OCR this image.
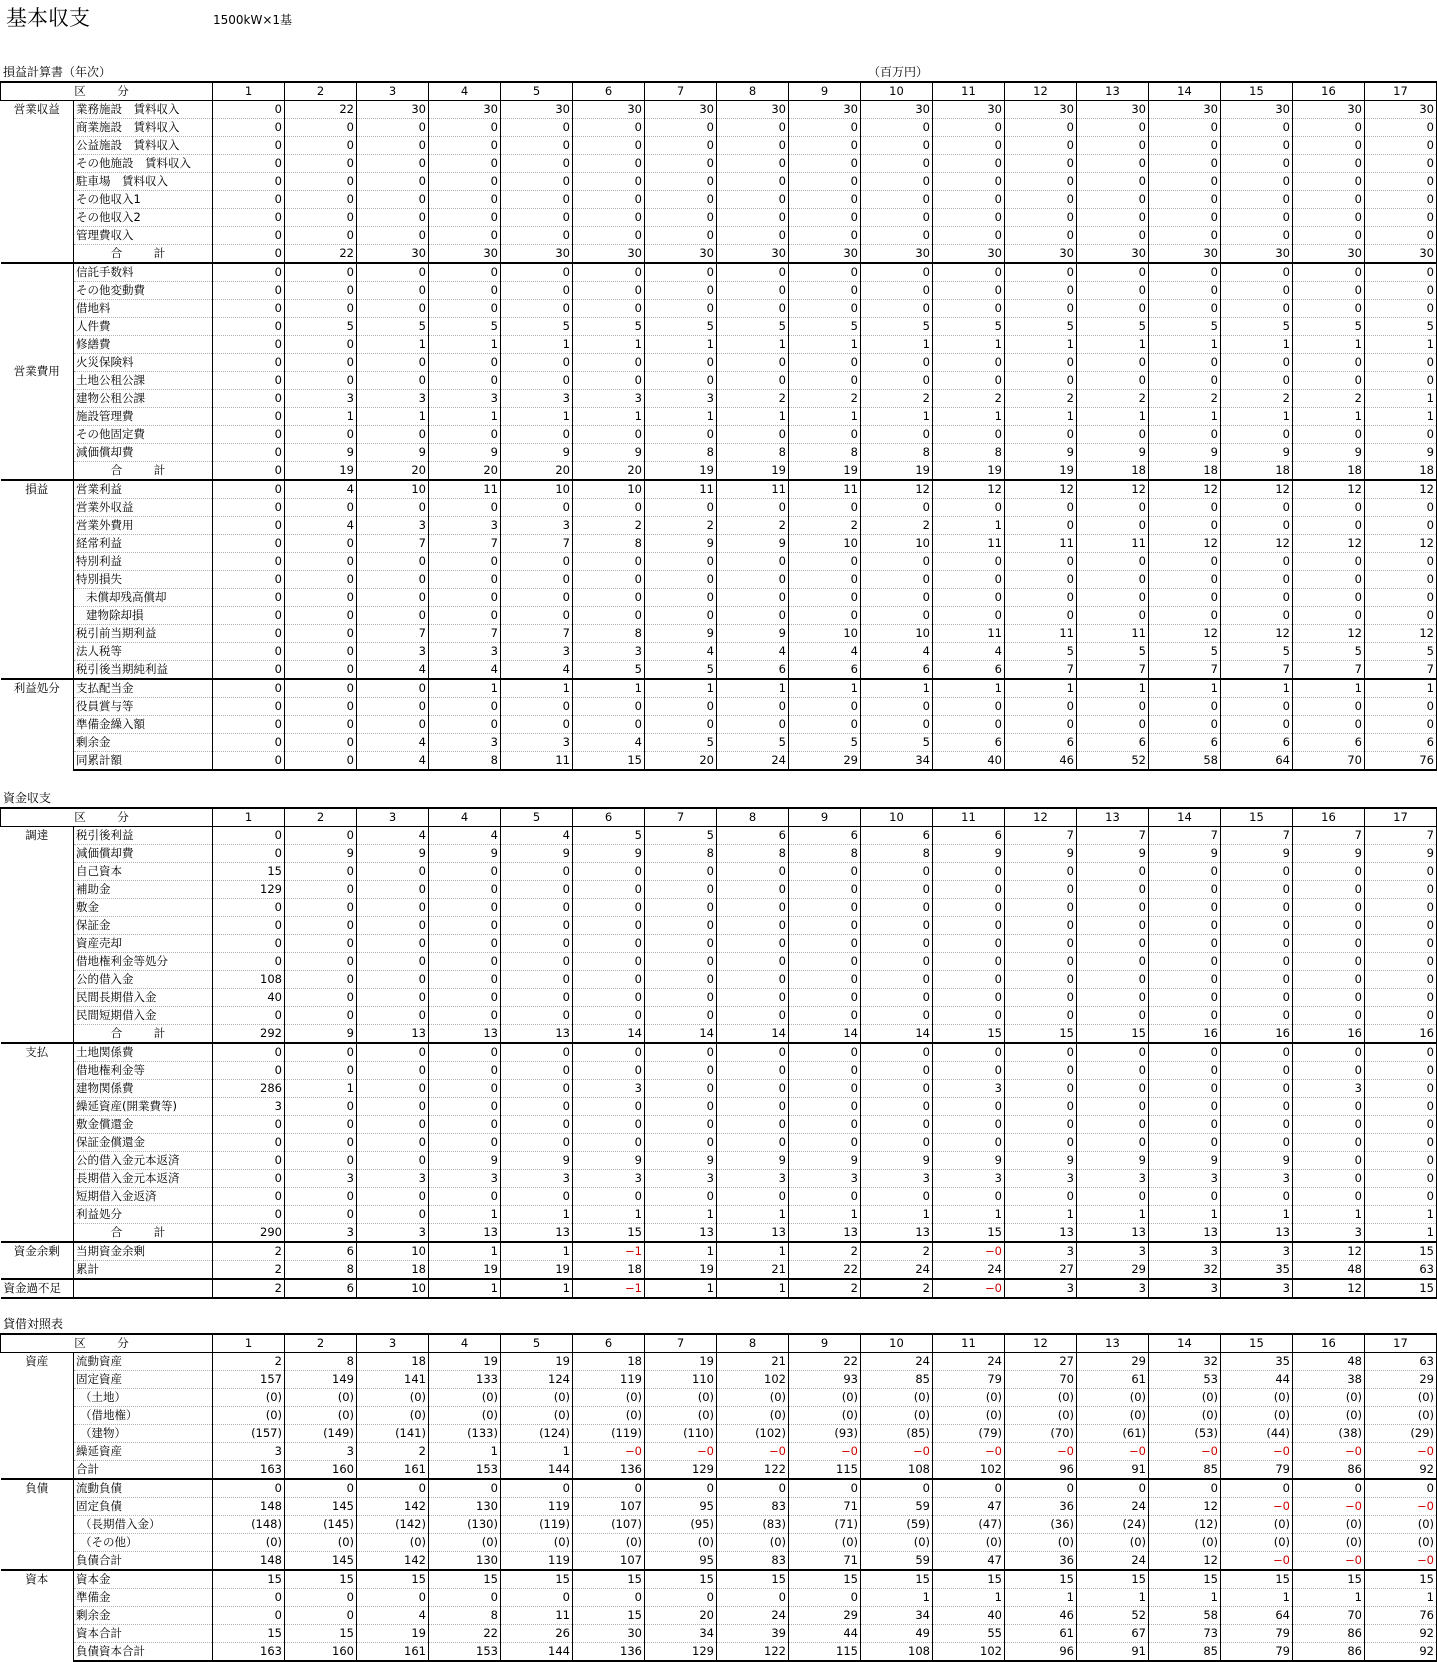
基本収支	1500kW×1基
損益計算書（年次）	（百万円）
区　分		1	2	3	4	5	6	7	8	9	10	11	12	13	14	15	16	17
営業収益	業務施設　賃料収入	0	22	30	30	30	30	30	30	30	30	30	30	30	30	30	30	30
	商業施設　賃料収入	0	0	0	0	0	0	0	0	0	0	0	0	0	0	0	0	0
	公益施設　賃料収入	0	0	0	0	0	0	0	0	0	0	0	0	0	0	0	0	0
	その他施設　賃料収入	0	0	0	0	0	0	0	0	0	0	0	0	0	0	0	0	0
	駐車場　賃料収入	0	0	0	0	0	0	0	0	0	0	0	0	0	0	0	0	0
	その他収入1	0	0	0	0	0	0	0	0	0	0	0	0	0	0	0	0	0
	その他収入2	0	0	0	0	0	0	0	0	0	0	0	0	0	0	0	0	0
	管理費収入	0	0	0	0	0	0	0	0	0	0	0	0	0	0	0	0	0
	合　計	0	22	30	30	30	30	30	30	30	30	30	30	30	30	30	30	30
営業費用	信託手数料	0	0	0	0	0	0	0	0	0	0	0	0	0	0	0	0	0
	その他変動費	0	0	0	0	0	0	0	0	0	0	0	0	0	0	0	0	0
	借地料	0	0	0	0	0	0	0	0	0	0	0	0	0	0	0	0	0
	人件費	0	5	5	5	5	5	5	5	5	5	5	5	5	5	5	5	5
	修繕費	0	0	1	1	1	1	1	1	1	1	1	1	1	1	1	1	1
	火災保険料	0	0	0	0	0	0	0	0	0	0	0	0	0	0	0	0	0
	土地公租公課	0	0	0	0	0	0	0	0	0	0	0	0	0	0	0	0	0
	建物公租公課	0	3	3	3	3	3	3	2	2	2	2	2	2	2	2	2	1
	施設管理費	0	1	1	1	1	1	1	1	1	1	1	1	1	1	1	1	1
	その他固定費	0	0	0	0	0	0	0	0	0	0	0	0	0	0	0	0	0
	減価償却費	0	9	9	9	9	9	8	8	8	8	8	9	9	9	9	9	9
	合　計	0	19	20	20	20	20	19	19	19	19	19	19	18	18	18	18	18
損益	営業利益	0	4	10	11	10	10	11	11	11	12	12	12	12	12	12	12	12
	営業外収益	0	0	0	0	0	0	0	0	0	0	0	0	0	0	0	0	0
	営業外費用	0	4	3	3	3	2	2	2	2	2	1	0	0	0	0	0	0
	経常利益	0	0	7	7	7	8	9	9	10	10	11	11	11	12	12	12	12
	特別利益	0	0	0	0	0	0	0	0	0	0	0	0	0	0	0	0	0
	特別損失	0	0	0	0	0	0	0	0	0	0	0	0	0	0	0	0	0
	未償却残高償却	0	0	0	0	0	0	0	0	0	0	0	0	0	0	0	0	0
	建物除却損	0	0	0	0	0	0	0	0	0	0	0	0	0	0	0	0	0
	税引前当期利益	0	0	7	7	7	8	9	9	10	10	11	11	11	12	12	12	12
	法人税等	0	0	3	3	3	3	4	4	4	4	4	5	5	5	5	5	5
	税引後当期純利益	0	0	4	4	4	5	5	6	6	6	6	7	7	7	7	7	7
利益処分	支払配当金	0	0	0	1	1	1	1	1	1	1	1	1	1	1	1	1	1
	役員賞与等	0	0	0	0	0	0	0	0	0	0	0	0	0	0	0	0	0
	準備金繰入額	0	0	0	0	0	0	0	0	0	0	0	0	0	0	0	0	0
	剰余金	0	0	4	3	3	4	5	5	5	5	6	6	6	6	6	6	6
	同累計額	0	0	4	8	11	15	20	24	29	34	40	46	52	58	64	70	76
資金収支
区　分		1	2	3	4	5	6	7	8	9	10	11	12	13	14	15	16	17
調達	税引後利益	0	0	4	4	4	5	5	6	6	6	6	7	7	7	7	7	7
	減価償却費	0	9	9	9	9	9	8	8	8	8	9	9	9	9	9	9	9
	自己資本	15	0	0	0	0	0	0	0	0	0	0	0	0	0	0	0	0
	補助金	129	0	0	0	0	0	0	0	0	0	0	0	0	0	0	0	0
	敷金	0	0	0	0	0	0	0	0	0	0	0	0	0	0	0	0	0
	保証金	0	0	0	0	0	0	0	0	0	0	0	0	0	0	0	0	0
	資産売却	0	0	0	0	0	0	0	0	0	0	0	0	0	0	0	0	0
	借地権利金等処分	0	0	0	0	0	0	0	0	0	0	0	0	0	0	0	0	0
	公的借入金	108	0	0	0	0	0	0	0	0	0	0	0	0	0	0	0	0
	民間長期借入金	40	0	0	0	0	0	0	0	0	0	0	0	0	0	0	0	0
	民間短期借入金	0	0	0	0	0	0	0	0	0	0	0	0	0	0	0	0	0
	合　計	292	9	13	13	13	14	14	14	14	14	15	15	15	16	16	16	16
支払	土地関係費	0	0	0	0	0	0	0	0	0	0	0	0	0	0	0	0	0
	借地権利金等	0	0	0	0	0	0	0	0	0	0	0	0	0	0	0	0	0
	建物関係費	286	1	0	0	0	3	0	0	0	0	3	0	0	0	0	3	0
	繰延資産(開業費等)	3	0	0	0	0	0	0	0	0	0	0	0	0	0	0	0	0
	敷金償還金	0	0	0	0	0	0	0	0	0	0	0	0	0	0	0	0	0
	保証金償還金	0	0	0	0	0	0	0	0	0	0	0	0	0	0	0	0	0
	公的借入金元本返済	0	0	0	9	9	9	9	9	9	9	9	9	9	9	9	0	0
	長期借入金元本返済	0	3	3	3	3	3	3	3	3	3	3	3	3	3	3	0	0
	短期借入金返済	0	0	0	0	0	0	0	0	0	0	0	0	0	0	0	0	0
	利益処分	0	0	0	1	1	1	1	1	1	1	1	1	1	1	1	1	1
	合　計	290	3	3	13	13	15	13	13	13	13	15	13	13	13	13	3	1
資金余剰	当期資金余剰	2	6	10	1	1	−1	1	1	2	2	−0	3	3	3	3	12	15
	累計	2	8	18	19	19	18	19	21	22	24	24	27	29	32	35	48	63
資金過不足		2	6	10	1	1	−1	1	1	2	2	−0	3	3	3	3	12	15
貸借対照表
区　分		1	2	3	4	5	6	7	8	9	10	11	12	13	14	15	16	17
資産	流動資産	2	8	18	19	19	18	19	21	22	24	24	27	29	32	35	48	63
	固定資産	157	149	141	133	124	119	110	102	93	85	79	70	61	53	44	38	29
	（土地）	(0)	(0)	(0)	(0)	(0)	(0)	(0)	(0)	(0)	(0)	(0)	(0)	(0)	(0)	(0)	(0)	(0)
	（借地権）	(0)	(0)	(0)	(0)	(0)	(0)	(0)	(0)	(0)	(0)	(0)	(0)	(0)	(0)	(0)	(0)	(0)
	（建物）	(157)	(149)	(141)	(133)	(124)	(119)	(110)	(102)	(93)	(85)	(79)	(70)	(61)	(53)	(44)	(38)	(29)
	繰延資産	3	3	2	1	1	−0	−0	−0	−0	−0	−0	−0	−0	−0	−0	−0	−0
	合計	163	160	161	153	144	136	129	122	115	108	102	96	91	85	79	86	92
負債	流動負債	0	0	0	0	0	0	0	0	0	0	0	0	0	0	0	0	0
	固定負債	148	145	142	130	119	107	95	83	71	59	47	36	24	12	−0	−0	−0
	（長期借入金）	(148)	(145)	(142)	(130)	(119)	(107)	(95)	(83)	(71)	(59)	(47)	(36)	(24)	(12)	(0)	(0)	(0)
	（その他）	(0)	(0)	(0)	(0)	(0)	(0)	(0)	(0)	(0)	(0)	(0)	(0)	(0)	(0)	(0)	(0)	(0)
	負債合計	148	145	142	130	119	107	95	83	71	59	47	36	24	12	−0	−0	−0
資本	資本金	15	15	15	15	15	15	15	15	15	15	15	15	15	15	15	15	15
	準備金	0	0	0	0	0	0	0	0	0	1	1	1	1	1	1	1	1
	剰余金	0	0	4	8	11	15	20	24	29	34	40	46	52	58	64	70	76
	資本合計	15	15	19	22	26	30	34	39	44	49	55	61	67	73	79	86	92
	負債資本合計	163	160	161	153	144	136	129	122	115	108	102	96	91	85	79	86	92
